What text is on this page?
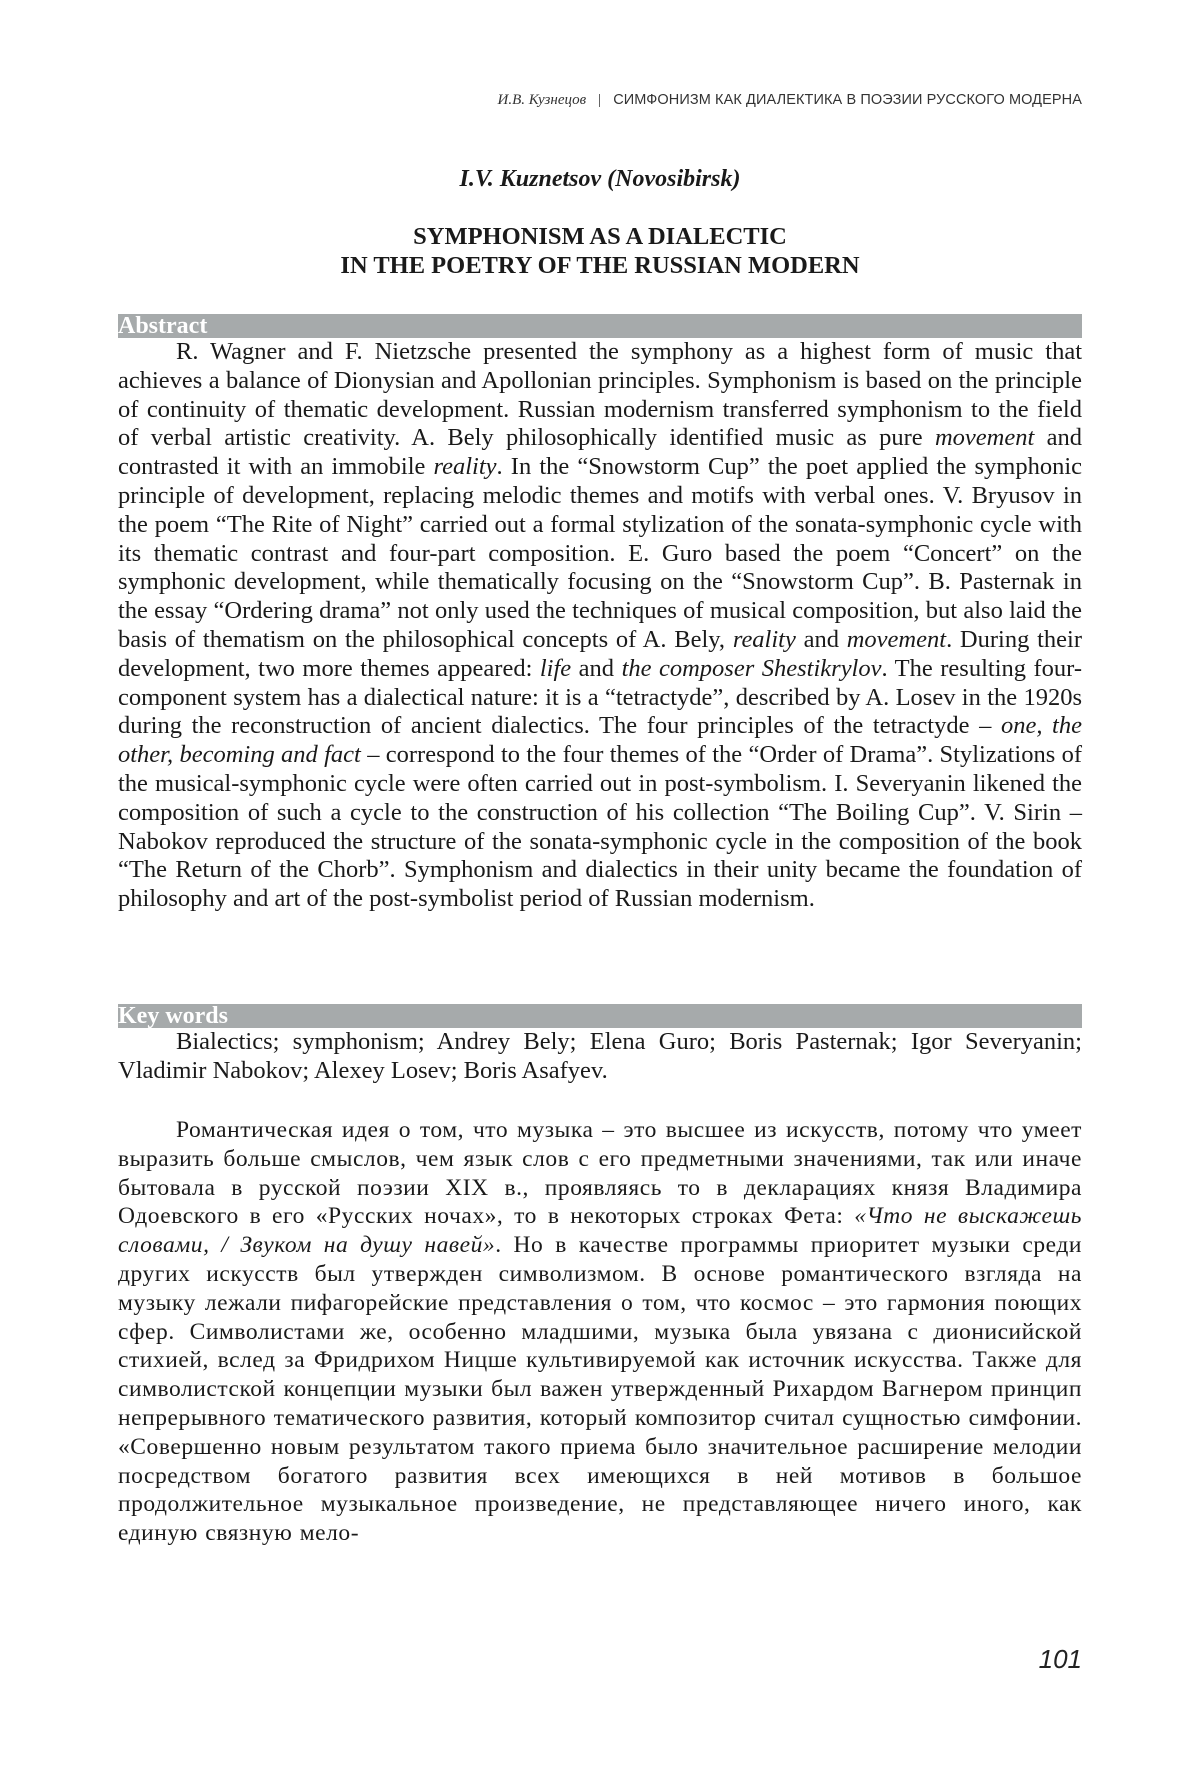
И.В. Кузнецов | СИМФОНИЗМ КАК ДИАЛЕКТИКА В ПОЭЗИИ РУССКОГО МОДЕРНА
I.V. Kuznetsov (Novosibirsk)
SYMPHONISM AS A DIALECTIC
IN THE POETRY OF THE RUSSIAN MODERN
Abstract

R. Wagner and F. Nietzsche presented the symphony as a highest form of music that achieves a balance of Dionysian and Apollonian principles. Symphonism is based on the principle of continuity of thematic development. Russian modernism transferred symphonism to the field of verbal artistic creativity. A. Bely philosophically identified music as pure movement and contrasted it with an immobile reality. In the “Snowstorm Cup” the poet applied the symphonic principle of development, replacing melodic themes and motifs with verbal ones. V. Bryusov in the poem “The Rite of Night” carried out a formal stylization of the sonata-symphonic cycle with its thematic contrast and four-part composition. E. Guro based the poem “Concert” on the symphonic development, while thematically focusing on the “Snowstorm Cup”. B. Pasternak in the essay “Ordering drama” not only used the techniques of musical composition, but also laid the basis of thematism on the philosophical concepts of A. Bely, reality and movement. During their development, two more themes appeared: life and the composer Shestikrylov. The resulting four-component system has a dialectical nature: it is a “tetractyde”, described by A. Losev in the 1920s during the reconstruction of ancient dialectics. The four principles of the tetractyde – one, the other, becoming and fact – correspond to the four themes of the “Order of Drama”. Stylizations of the musical-symphonic cycle were often carried out in post-symbolism. I. Severyanin likened the composition of such a cycle to the construction of his collection “The Boiling Cup”. V. Sirin – Nabokov reproduced the structure of the sonata-symphonic cycle in the composition of the book “The Return of the Chorb”. Symphonism and dialectics in their unity became the foundation of philosophy and art of the post-symbolist period of Russian modernism.

Key words

Bialectics; symphonism; Andrey Bely; Elena Guro; Boris Pasternak; Igor Severyanin; Vladimir Nabokov; Alexey Losev; Boris Asafyev.

Романтическая идея о том, что музыка – это высшее из искусств, потому что умеет выразить больше смыслов, чем язык слов с его предметными значениями, так или иначе бытовала в русской поэзии XIX в., проявляясь то в декларациях князя Владимира Одоевского в его «Русских ночах», то в некоторых строках Фета: «Что не выскажешь словами, / Звуком на душу навей». Но в качестве программы приоритет музыки среди других искусств был утвержден символизмом. В основе романтического взгляда на музыку лежали пифагорейские представления о том, что космос – это гармония поющих сфер. Символистами же, особенно младшими, музыка была увязана с дионисийской стихией, вслед за Фридрихом Ницше культивируемой как источник искусства. Также для символистской концепции музыки был важен утвержденный Рихардом Вагнером принцип непрерывного тематического развития, который композитор считал сущностью симфонии. «Совершенно новым результатом такого приема было значительное расширение мелодии посредством богатого развития всех имеющихся в ней мотивов в большое продолжительное музыкальное произведение, не представляющее ничего иного, как единую связную мело-

101
